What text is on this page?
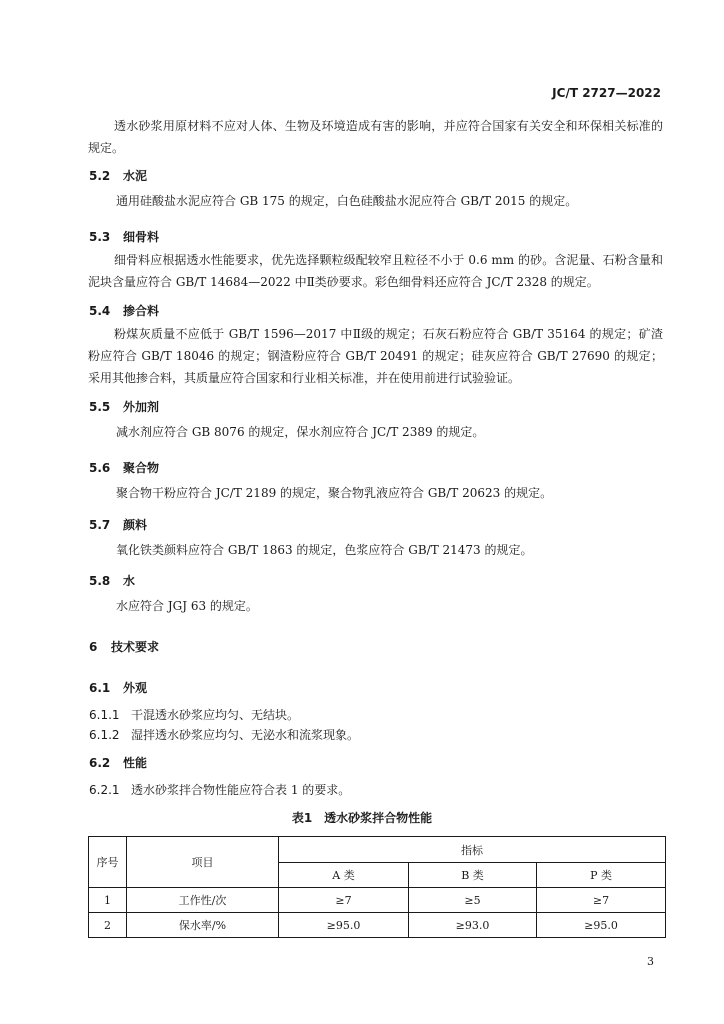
JC/T 2727—2022
透水砂浆用原材料不应对人体、生物及环境造成有害的影响，并应符合国家有关安全和环保相关标准的规定。
5.2 水泥
通用硅酸盐水泥应符合 GB 175 的规定，白色硅酸盐水泥应符合 GB/T 2015 的规定。
5.3 细骨料
细骨料应根据透水性能要求，优先选择颗粒级配较窄且粒径不小于 0.6 mm 的砂。含泥量、石粉含量和泥块含量应符合 GB/T 14684—2022 中Ⅱ类砂要求。彩色细骨料还应符合 JC/T 2328 的规定。
5.4 掺合料
粉煤灰质量不应低于 GB/T 1596—2017 中Ⅱ级的规定；石灰石粉应符合 GB/T 35164 的规定；矿渣粉应符合 GB/T 18046 的规定；钢渣粉应符合 GB/T 20491 的规定；硅灰应符合 GB/T 27690 的规定；采用其他掺合料，其质量应符合国家和行业相关标准，并在使用前进行试验验证。
5.5 外加剂
减水剂应符合 GB 8076 的规定，保水剂应符合 JC/T 2389 的规定。
5.6 聚合物
聚合物干粉应符合 JC/T 2189 的规定，聚合物乳液应符合 GB/T 20623 的规定。
5.7 颜料
氧化铁类颜料应符合 GB/T 1863 的规定，色浆应符合 GB/T 21473 的规定。
5.8 水
水应符合 JGJ 63 的规定。
6 技术要求
6.1 外观
6.1.1 干混透水砂浆应均匀、无结块。
6.1.2 湿拌透水砂浆应均匀、无泌水和流浆现象。
6.2 性能
6.2.1 透水砂浆拌合物性能应符合表 1 的要求。
表1　透水砂浆拌合物性能
序号	项目	指标		
		A 类	B 类	P 类
1	工作性/次	≥7	≥5	≥7
2	保水率/%	≥95.0	≥93.0	≥95.0
3
